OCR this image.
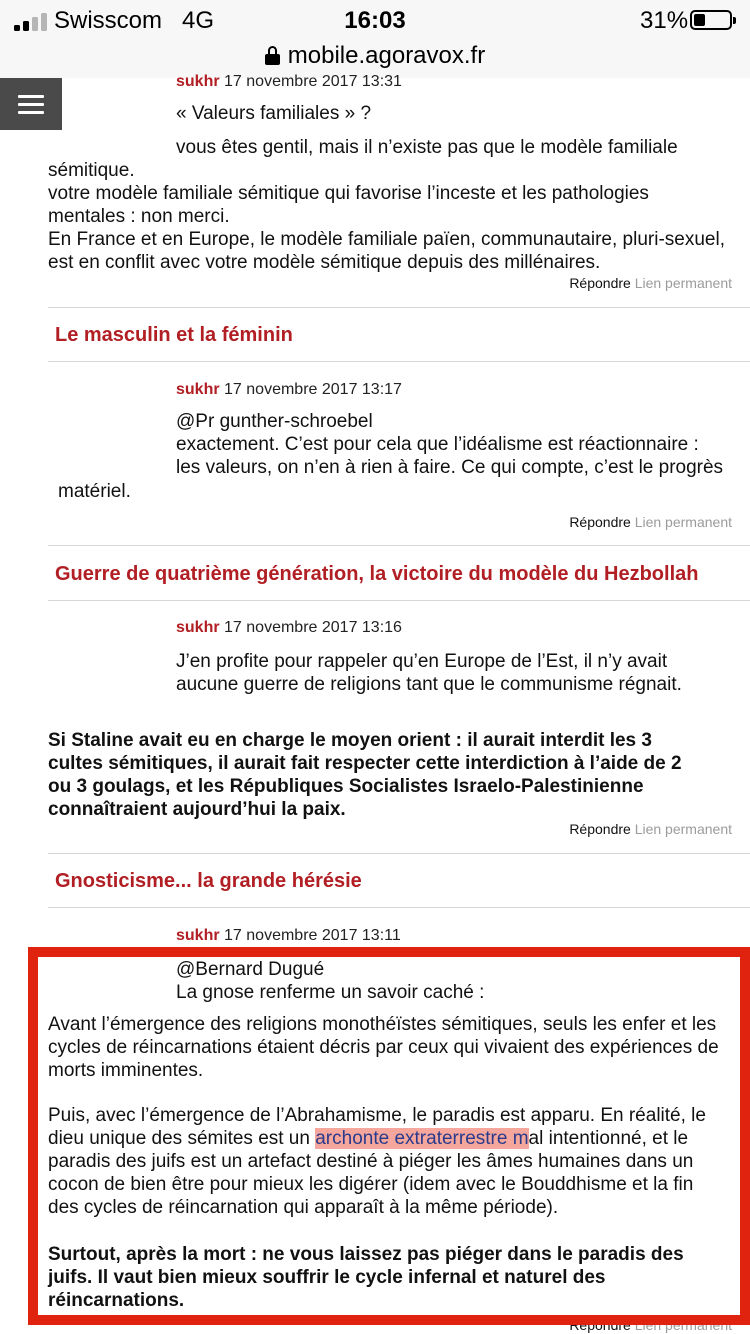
Swisscom 4G	16:03	31%
mobile.agoravox.fr
sukhr 17 novembre 2017 13:31
« Valeurs familiales » ?
vous êtes gentil, mais il n’existe pas que le modèle familiale
sémitique.
votre modèle familiale sémitique qui favorise l’inceste et les pathologies
mentales : non merci.
En France et en Europe, le modèle familiale païen, communautaire, pluri-sexuel,
est en conflit avec votre modèle sémitique depuis des millénaires.
Répondre Lien permanent
Le masculin et la féminin
sukhr 17 novembre 2017 13:17
@Pr gunther-schroebel
exactement. C’est pour cela que l’idéalisme est réactionnaire :
les valeurs, on n’en à rien à faire. Ce qui compte, c’est le progrès
matériel.
Répondre Lien permanent
Guerre de quatrième génération, la victoire du modèle du Hezbollah
sukhr 17 novembre 2017 13:16
J’en profite pour rappeler qu’en Europe de l’Est, il n’y avait
aucune guerre de religions tant que le communisme régnait.
Si Staline avait eu en charge le moyen orient : il aurait interdit les 3
cultes sémitiques, il aurait fait respecter cette interdiction à l’aide de 2
ou 3 goulags, et les Républiques Socialistes Israelo-Palestinienne
connaîtraient aujourd’hui la paix.
Répondre Lien permanent
Gnosticisme... la grande hérésie
sukhr 17 novembre 2017 13:11
@Bernard Dugué
La gnose renferme un savoir caché :
Avant l’émergence des religions monothéïstes sémitiques, seuls les enfer et les
cycles de réincarnations étaient décris par ceux qui vivaient des expériences de
morts imminentes.
Puis, avec l’émergence de l’Abrahamisme, le paradis est apparu. En réalité, le
dieu unique des sémites est un archonte extraterrestre mal intentionné, et le
paradis des juifs est un artefact destiné à piéger les âmes humaines dans un
cocon de bien être pour mieux les digérer (idem avec le Bouddhisme et la fin
des cycles de réincarnation qui apparaît à la même période).
Surtout, après la mort : ne vous laissez pas piéger dans le paradis des
juifs. Il vaut bien mieux souffrir le cycle infernal et naturel des
réincarnations.
Répondre Lien permanent
